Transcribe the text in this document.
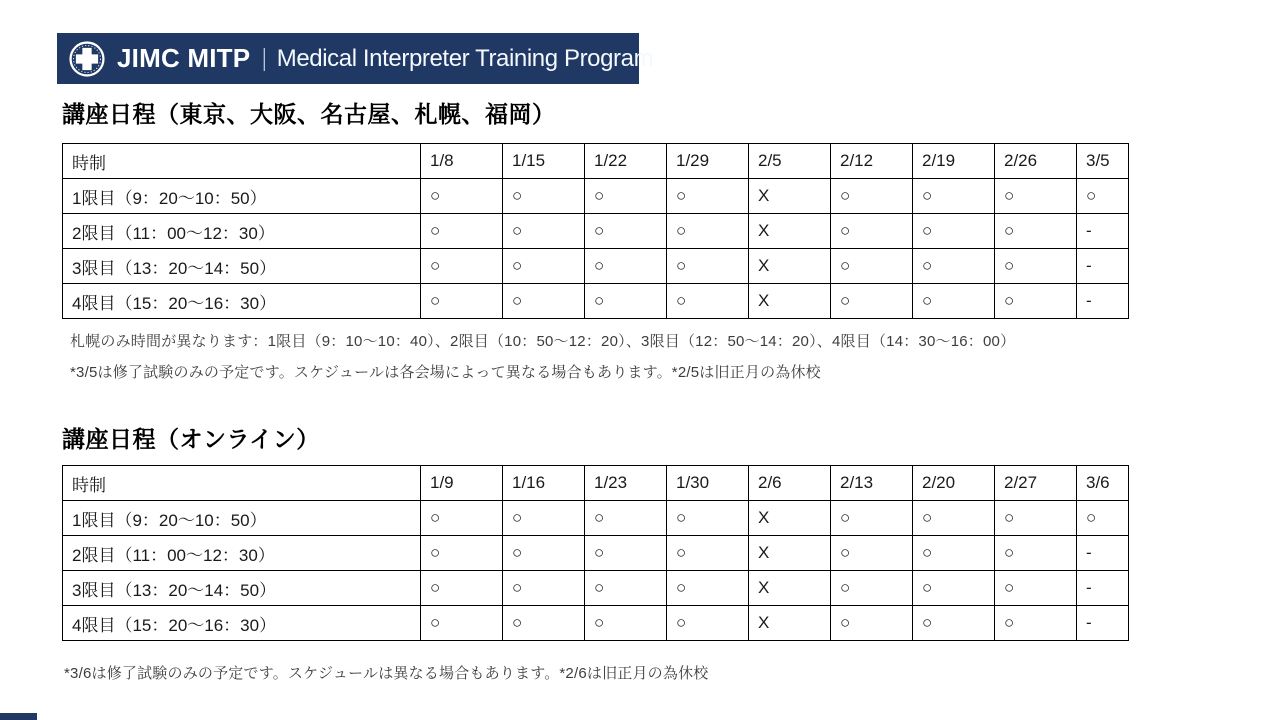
JIMC MITP | Medical Interpreter Training Program
講座日程（東京、大阪、名古屋、札幌、福岡）
時制	1/8	1/15	1/22	1/29	2/5	2/12	2/19	2/26	3/5
1限目（9：20～10：50）	○	○	○	○	X	○	○	○	○
2限目（11：00～12：30）	○	○	○	○	X	○	○	○	-
3限目（13：20～14：50）	○	○	○	○	X	○	○	○	-
4限目（15：20～16：30）	○	○	○	○	X	○	○	○	-
札幌のみ時間が異なります：1限目（9：10～10：40）、2限目（10：50～12：20）、3限目（12：50～14：20）、4限目（14：30～16：00）
*3/5は修了試験のみの予定です。スケジュールは各会場によって異なる場合もあります。*2/5は旧正月の為休校
講座日程（オンライン）
時制	1/9	1/16	1/23	1/30	2/6	2/13	2/20	2/27	3/6
1限目（9：20～10：50）	○	○	○	○	X	○	○	○	○
2限目（11：00～12：30）	○	○	○	○	X	○	○	○	-
3限目（13：20～14：50）	○	○	○	○	X	○	○	○	-
4限目（15：20～16：30）	○	○	○	○	X	○	○	○	-
*3/6は修了試験のみの予定です。スケジュールは異なる場合もあります。*2/6は旧正月の為休校
